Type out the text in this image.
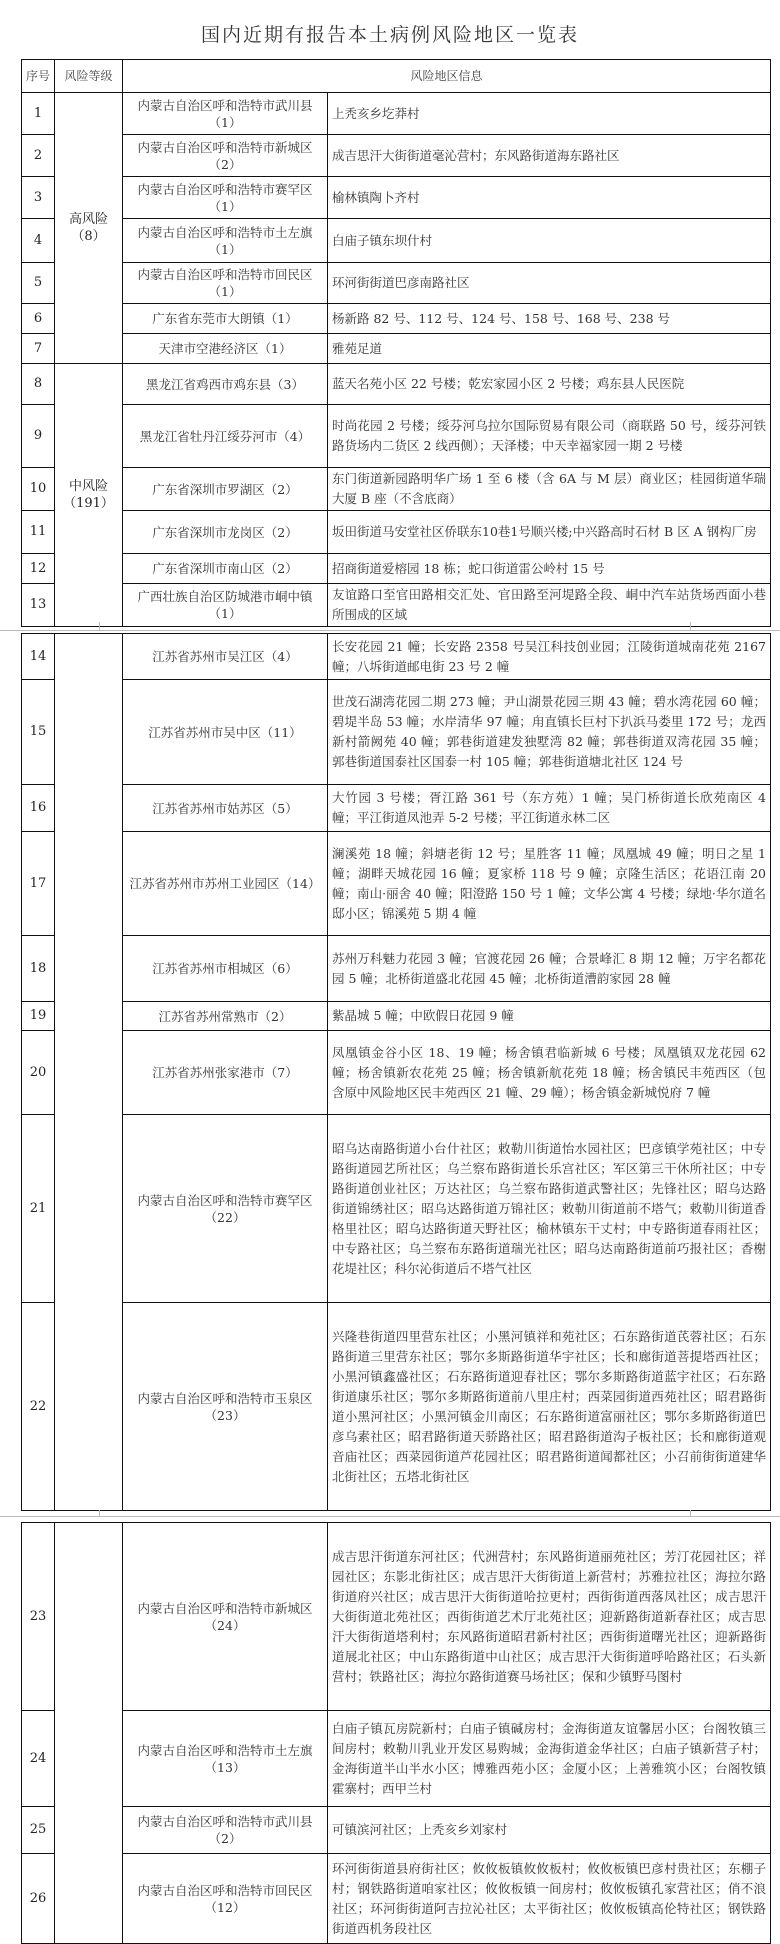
国内近期有报告本土病例风险地区一览表
序号	风险等级	风险地区信息	
1	高风险（8）	内蒙古自治区呼和浩特市武川县（1）	上秃亥乡圪莽村
2		内蒙古自治区呼和浩特市新城区（2）	成吉思汗大街街道毫沁营村；东风路街道海东路社区
3		内蒙古自治区呼和浩特市赛罕区（1）	榆林镇陶卜齐村
4		内蒙古自治区呼和浩特市土左旗（1）	白庙子镇东坝什村
5		内蒙古自治区呼和浩特市回民区（1）	环河街街道巴彦南路社区
6		广东省东莞市大朗镇（1）	杨新路 82 号、112 号、124 号、158 号、168 号、238 号
7		天津市空港经济区（1）	雅苑足道
8	中风险（191）	黑龙江省鸡西市鸡东县（3）	蓝天名苑小区 22 号楼；乾宏家园小区 2 号楼；鸡东县人民医院
9		黑龙江省牡丹江绥芬河市（4）	时尚花园 2 号楼；绥芬河乌拉尔国际贸易有限公司（商联路 50 号，绥芬河铁路货场内二货区 2 线西侧）；天泽楼；中天幸福家园一期 2 号楼
10		广东省深圳市罗湖区（2）	东门街道新园路明华广场 1 至 6 楼（含 6A 与 M 层）商业区；桂园街道华瑞大厦 B 座（不含底商）
11		广东省深圳市龙岗区（2）	坂田街道马安堂社区侨联东10巷1号顺兴楼;中兴路高时石材 B 区 A 钢构厂房
12		广东省深圳市南山区（2）	招商街道爱榕园 18 栋；蛇口街道雷公岭村 15 号
13		广西壮族自治区防城港市峒中镇（1）	友谊路口至官田路相交汇处、官田路至河堤路全段、峒中汽车站货场西面小巷所围成的区域
14		江苏省苏州市吴江区（4）	长安花园 21 幢；长安路 2358 号吴江科技创业园；江陵街道城南花苑 2167 幢；八坼街道邮电街 23 号 2 幢
15		江苏省苏州市吴中区（11）	世茂石湖湾花园二期 273 幢；尹山湖景花园三期 43 幢；碧水湾花园 60 幢；碧堤半岛 53 幢；水岸清华 97 幢；甪直镇长巨村下扒浜马娄里 172 号；龙西新村箭阙苑 40 幢；郭巷街道建发独墅湾 82 幢；郭巷街道双湾花园 35 幢；郭巷街道国泰社区国泰一村 105 幢；郭巷街道塘北社区 124 号
16		江苏省苏州市姑苏区（5）	大竹园 3 号楼；胥江路 361 号（东方苑）1 幢；吴门桥街道长欣苑南区 4 幢；平江街道凤池弄 5-2 号楼；平江街道永林二区
17		江苏省苏州市苏州工业园区（14）	澜溪苑 18 幢；斜塘老街 12 号；星胜客 11 幢；凤凰城 49 幢；明日之星 1 幢；湖畔天城花园 16 幢；夏家桥 118 号 9 幢；京隆生活区；花语江南 20 幢；南山·丽舍 40 幢；阳澄路 150 号 1 幢；文华公寓 4 号楼；绿地·华尔道名邸小区；锦溪苑 5 期 4 幢
18		江苏省苏州市相城区（6）	苏州万科魅力花园 3 幢；官渡花园 26 幢；合景峰汇 8 期 12 幢；万宇名都花园 5 幢；北桥街道盛北花园 45 幢；北桥街道漕韵家园 28 幢
19		江苏省苏州常熟市（2）	紫晶城 5 幢；中欧假日花园 9 幢
20		江苏省苏州张家港市（7）	凤凰镇金谷小区 18、19 幢；杨舍镇君临新城 6 号楼；凤凰镇双龙花园 62 幢；杨舍镇新农花苑 25 幢；杨舍镇新航花苑 18 幢；杨舍镇民丰苑西区（包含原中风险地区民丰苑西区 21 幢、29 幢）；杨舍镇金新城悦府 7 幢
21		内蒙古自治区呼和浩特市赛罕区（22）	昭乌达南路街道小台什社区；敕勒川街道怡水园社区；巴彦镇学苑社区；中专路街道园艺所社区；乌兰察布路街道长乐宫社区；军区第三干休所社区；中专路街道创业社区；万达社区；乌兰察布路街道武警社区；先锋社区；昭乌达路街道锦绣社区；昭乌达路街道万锦社区；敕勒川街道前不塔气；敕勒川街道香格里社区；昭乌达路街道天野社区；榆林镇东干丈村；中专路街道春雨社区；中专路社区；乌兰察布东路街道瑞光社区；昭乌达南路街道前巧报社区；香榭花堤社区；科尔沁街道后不塔气社区
22		内蒙古自治区呼和浩特市玉泉区（23）	兴隆巷街道四里营东社区；小黑河镇祥和苑社区；石东路街道芪蓉社区；石东路街道三里营东社区；鄂尔多斯路街道华宇社区；长和廊街道菩提塔西社区；小黑河镇鑫盛社区；石东路街道迎春社区；鄂尔多斯路街道蓝宇社区；石东路街道康乐社区；鄂尔多斯路街道前八里庄村；西菜园街道西苑社区；昭君路街道小黑河社区；小黑河镇金川南区；石东路街道富丽社区；鄂尔多斯路街道巴彦乌素社区；昭君路街道天骄路社区；昭君路街道沟子板社区；长和廊街道观音庙社区；西菜园街道芦花园社区；昭君路街道闻都社区；小召前街街道建华北街社区；五塔北街社区
23		内蒙古自治区呼和浩特市新城区（24）	成吉思汗街道东河社区；代洲营村；东风路街道丽苑社区；芳汀花园社区；祥园社区；东影北街社区；成吉思汗大街街道上新营村；苏雅拉社区；海拉尔路街道府兴社区；成吉思汗大街街道哈拉更村；西街街道西落凤社区；成吉思汗大街街道北苑社区；西街街道艺术厅北苑社区；迎新路街道新春社区；成吉思汗大街街道塔利村；东风路街道昭君新村社区；西街街道曙光社区；迎新路街道展北社区；中山东路街道中山社区；成吉思汗大街街道呼哈路社区；石头新营村；铁路社区；海拉尔路街道赛马场社区；保和少镇野马图村
24		内蒙古自治区呼和浩特市土左旗（13）	白庙子镇瓦房院新村；白庙子镇碱房村；金海街道友谊馨居小区；台阁牧镇三间房村；敕勒川乳业开发区易购城；金海街道金华社区；白庙子镇新营子村；金海街道半山半水小区；博雅西苑小区；金厦小区；上善雅筑小区；台阁牧镇霍寨村；西甲兰村
25		内蒙古自治区呼和浩特市武川县（2）	可镇滨河社区；上秃亥乡刘家村
26		内蒙古自治区呼和浩特市回民区（12）	环河街街道县府街社区；攸攸板镇攸攸板村；攸攸板镇巴彦村贵社区；东棚子村；钢铁路街道咱家社区；攸攸板镇一间房村；攸攸板镇孔家营社区；俏不浪社区；环河街街道阿吉拉沁社区；太平街社区；攸攸板镇高伦特社区；钢铁路街道西机务段社区
